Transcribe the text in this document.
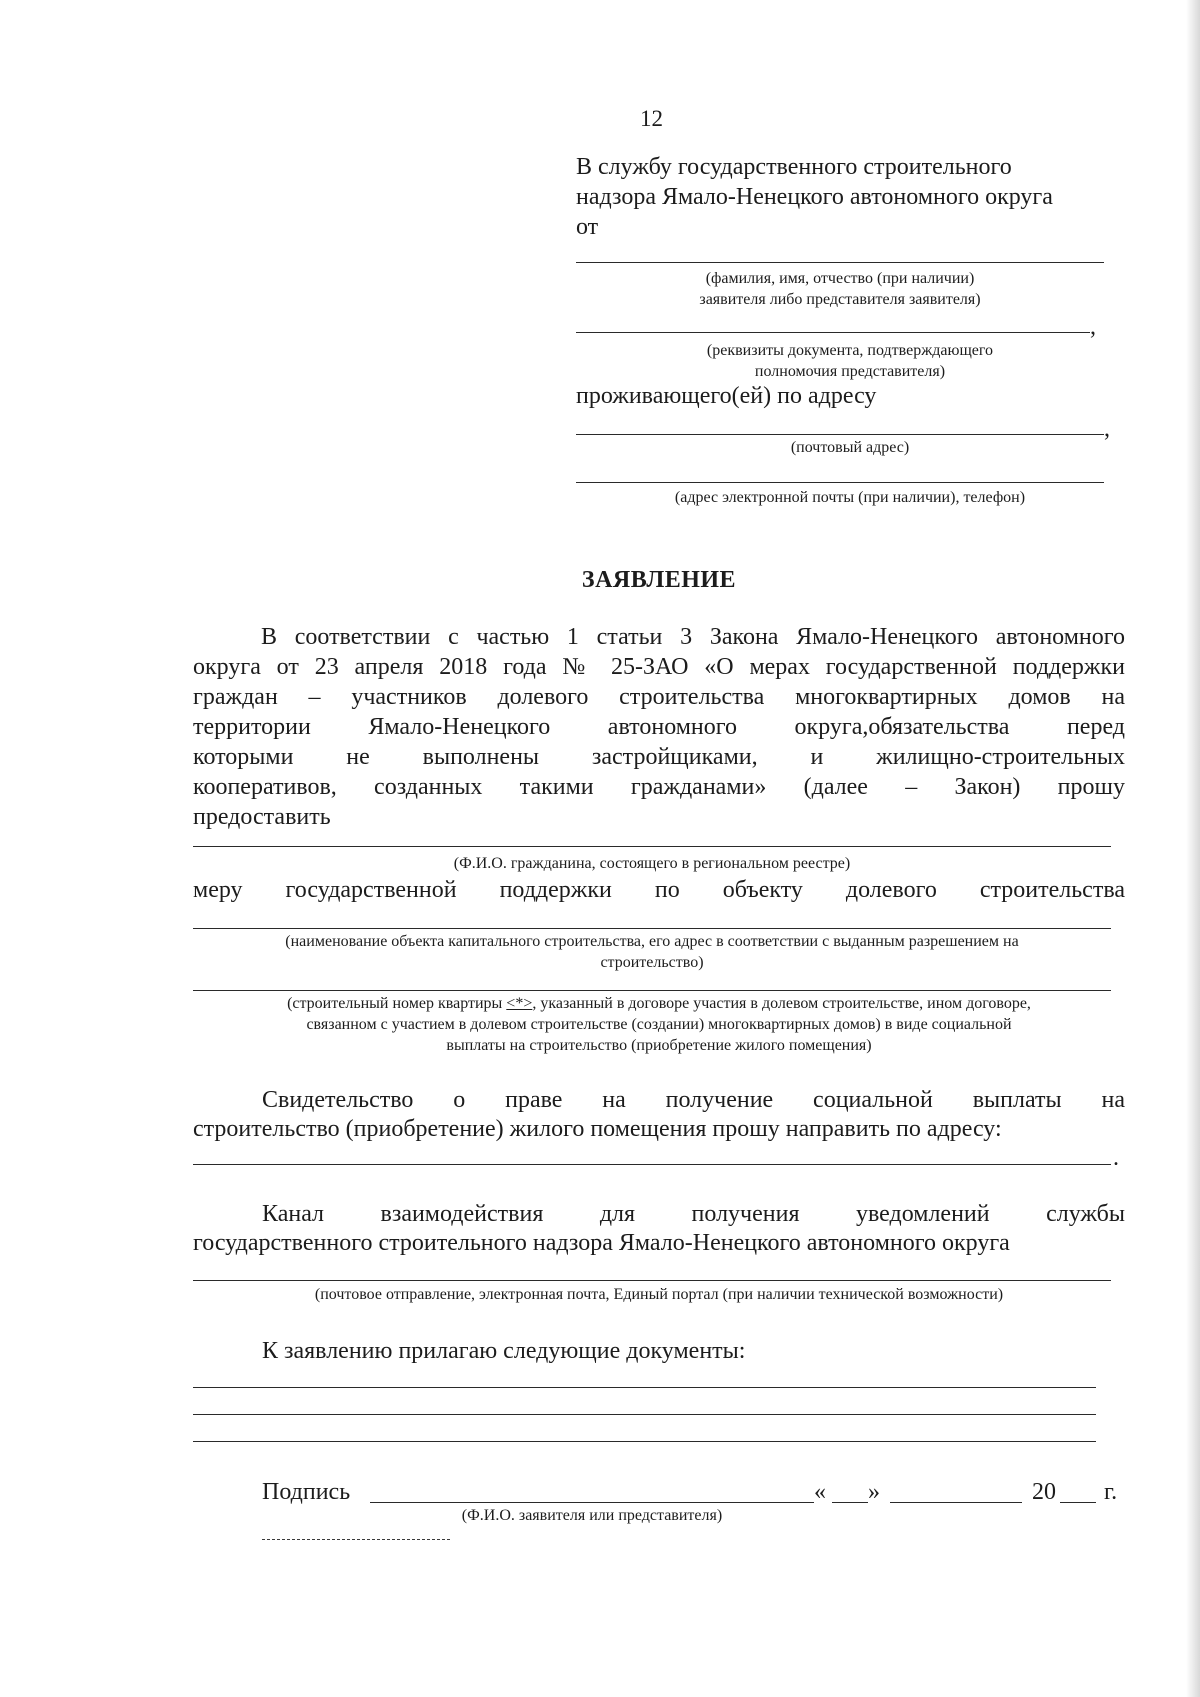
12
В службу государственного строительного
надзора Ямало-Ненецкого автономного округа
от
(фамилия, имя, отчество (при наличии)
заявителя либо представителя заявителя)
,
(реквизиты документа, подтверждающего
полномочия представителя)
проживающего(ей) по адресу
,
(почтовый адрес)
(адрес электронной почты (при наличии), телефон)
ЗАЯВЛЕНИЕ
В соответствии с частью 1 статьи 3 Закона Ямало-Ненецкого автономного
округа от 23 апреля 2018 года № 25-ЗАО «О мерах государственной поддержки
граждан – участников долевого строительства многоквартирных домов на
территории Ямало-Ненецкого автономного округа,обязательства перед
которыми не выполнены застройщиками, и жилищно-строительных
кооперативов, созданных такими гражданами» (далее – Закон) прошу
предоставить
(Ф.И.О. гражданина, состоящего в региональном реестре)
меру государственной поддержки по объекту долевого строительства
(наименование объекта капитального строительства, его адрес в соответствии с выданным разрешением на
строительство)
(строительный номер квартиры <*>, указанный в договоре участия в долевом строительстве, ином договоре,
связанном с участием в долевом строительстве (создании) многоквартирных домов) в виде социальной
выплаты на строительство (приобретение жилого помещения)
Свидетельство о праве на получение социальной выплаты на
строительство (приобретение) жилого помещения прошу направить по адресу:
.
Канал взаимодействия для получения уведомлений службы
государственного строительного надзора Ямало-Ненецкого автономного округа
(почтовое отправление, электронная почта, Единый портал (при наличии технической возможности)
К заявлению прилагаю следующие документы:
Подпись	« »	20 г.
(Ф.И.О. заявителя или представителя)
